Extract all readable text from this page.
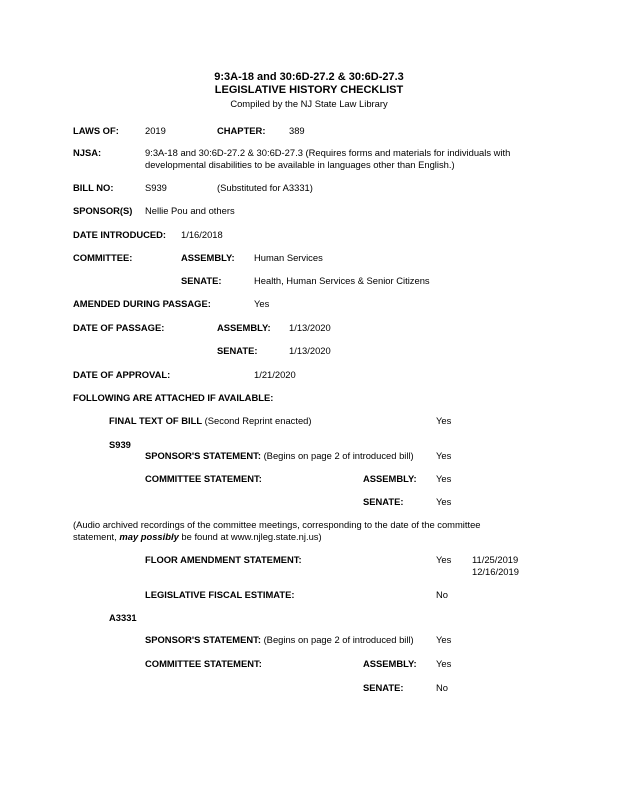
9:3A-18 and 30:6D-27.2 & 30:6D-27.3
LEGISLATIVE HISTORY CHECKLIST
Compiled by the NJ State Law Library
LAWS OF:	2019	CHAPTER:	389
NJSA:	9:3A-18 and 30:6D-27.2 & 30:6D-27.3 (Requires forms and materials for individuals with
developmental disabilities to be available in languages other than English.)
BILL NO:	S939	(Substituted for A3331)
SPONSOR(S) Nellie Pou and others
DATE INTRODUCED: 1/16/2018
COMMITTEE:	ASSEMBLY: Human Services
SENATE:	Health, Human Services & Senior Citizens
AMENDED DURING PASSAGE:	Yes
DATE OF PASSAGE:	ASSEMBLY: 1/13/2020
SENATE:	1/13/2020
DATE OF APPROVAL:	1/21/2020
FOLLOWING ARE ATTACHED IF AVAILABLE:
FINAL TEXT OF BILL (Second Reprint enacted)	Yes
S939
SPONSOR'S STATEMENT: (Begins on page 2 of introduced bill) Yes
COMMITTEE STATEMENT:	ASSEMBLY: Yes
SENATE:	Yes
(Audio archived recordings of the committee meetings, corresponding to the date of the committee
statement, may possibly be found at www.njleg.state.nj.us)
FLOOR AMENDMENT STATEMENT:	Yes 11/25/2019
12/16/2019
LEGISLATIVE FISCAL ESTIMATE:	No
A3331
SPONSOR'S STATEMENT: (Begins on page 2 of introduced bill) Yes
COMMITTEE STATEMENT:	ASSEMBLY: Yes
SENATE:	No
